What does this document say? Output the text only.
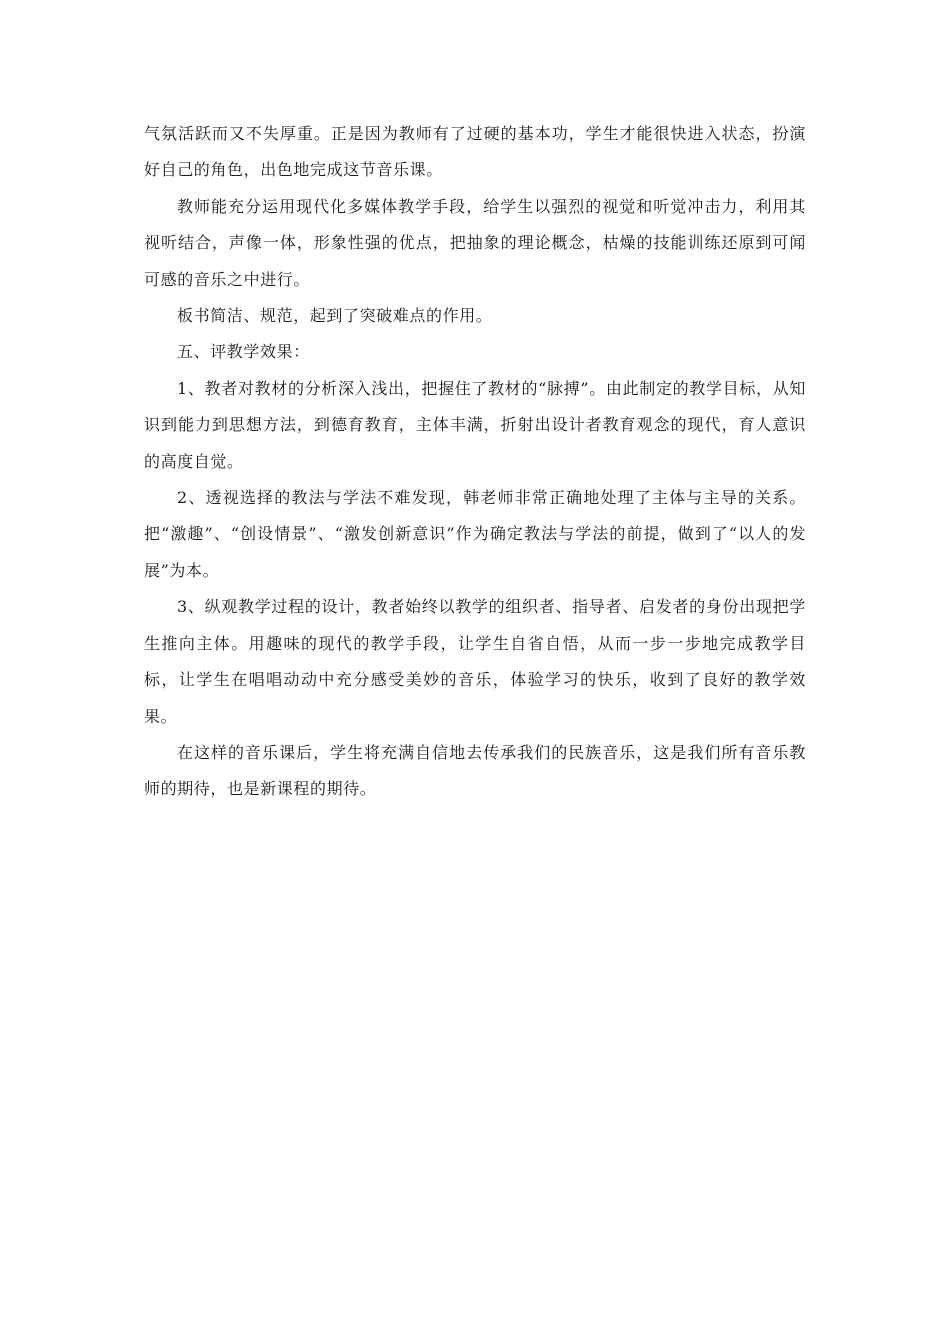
气氛活跃而又不失厚重。正是因为教师有了过硬的基本功，学生才能很快进入状态，扮演好自己的角色，出色地完成这节音乐课。

教师能充分运用现代化多媒体教学手段，给学生以强烈的视觉和听觉冲击力，利用其视听结合，声像一体，形象性强的优点，把抽象的理论概念，枯燥的技能训练还原到可闻可感的音乐之中进行。

板书简洁、规范，起到了突破难点的作用。

五、评教学效果：

1、教者对教材的分析深入浅出，把握住了教材的“脉搏”。由此制定的教学目标，从知识到能力到思想方法，到德育教育，主体丰满，折射出设计者教育观念的现代，育人意识的高度自觉。

2、透视选择的教法与学法不难发现，韩老师非常正确地处理了主体与主导的关系。把“激趣”、“创设情景”、“激发创新意识”作为确定教法与学法的前提，做到了“以人的发展”为本。

3、纵观教学过程的设计，教者始终以教学的组织者、指导者、启发者的身份出现把学生推向主体。用趣味的现代的教学手段，让学生自省自悟，从而一步一步地完成教学目标，让学生在唱唱动动中充分感受美妙的音乐，体验学习的快乐，收到了良好的教学效果。

在这样的音乐课后，学生将充满自信地去传承我们的民族音乐，这是我们所有音乐教师的期待，也是新课程的期待。
